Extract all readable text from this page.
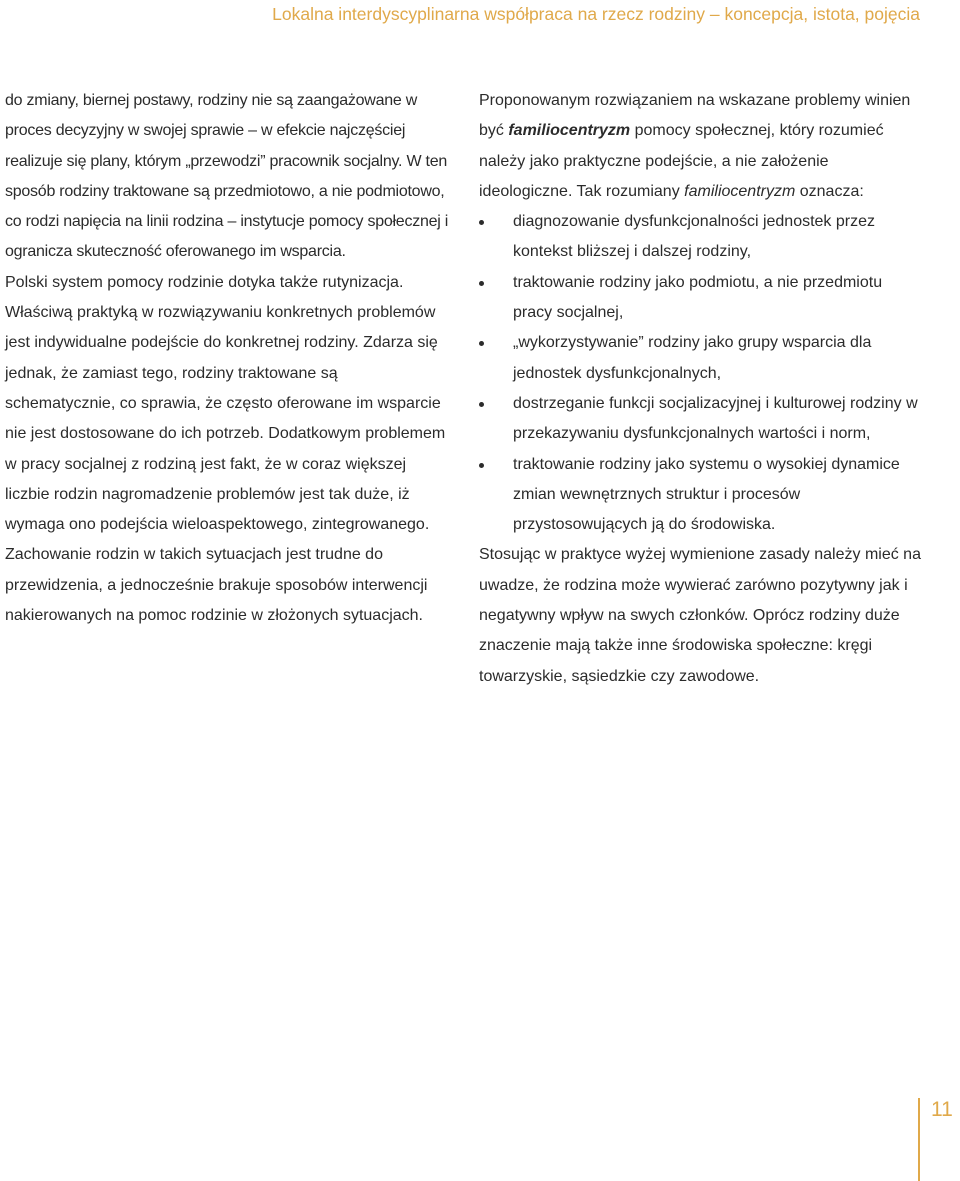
Lokalna interdyscyplinarna współpraca na rzecz rodziny – koncepcja, istota, pojęcia

do zmiany, biernej postawy, rodziny nie są zaangażowane w proces decyzyjny w swojej sprawie – w efekcie najczęściej realizuje się plany, którym „przewodzi” pracownik socjalny. W ten sposób rodziny traktowane są przedmiotowo, a nie podmiotowo, co rodzi napięcia na linii rodzina – instytucje pomocy społecznej i ogranicza skuteczność oferowanego im wsparcia.

Polski system pomocy rodzinie dotyka także rutynizacja. Właściwą praktyką w rozwiązywaniu konkretnych problemów jest indywidualne podejście do konkretnej rodziny. Zdarza się jednak, że zamiast tego, rodziny traktowane są schematycznie, co sprawia, że często oferowane im wsparcie nie jest dostosowane do ich potrzeb. Dodatkowym problemem w pracy socjalnej z rodziną jest fakt, że w coraz większej liczbie rodzin nagromadzenie problemów jest tak duże, iż wymaga ono podejścia wieloaspektowego, zintegrowanego. Zachowanie rodzin w takich sytuacjach jest trudne do przewidzenia, a jednocześnie brakuje sposobów interwencji nakierowanych na pomoc rodzinie w złożonych sytuacjach.

Proponowanym rozwiązaniem na wskazane problemy winien być familiocentryzm pomocy społecznej, który rozumieć należy jako praktyczne podejście, a nie założenie ideologiczne. Tak rozumiany familiocentryzm oznacza:

diagnozowanie dysfunkcjonalności jednostek przez kontekst bliższej i dalszej rodziny,
traktowanie rodziny jako podmiotu, a nie przedmiotu pracy socjalnej,
„wykorzystywanie” rodziny jako grupy wsparcia dla jednostek dysfunkcjonalnych,
dostrzeganie funkcji socjalizacyjnej i kulturowej rodziny w przekazywaniu dysfunkcjonalnych wartości i norm,
traktowanie rodziny jako systemu o wysokiej dynamice zmian wewnętrznych struktur i procesów przystosowujących ją do środowiska.

Stosując w praktyce wyżej wymienione zasady należy mieć na uwadze, że rodzina może wywierać zarówno pozytywny jak i negatywny wpływ na swych członków. Oprócz rodziny duże znaczenie mają także inne środowiska społeczne: kręgi towarzyskie, sąsiedzkie czy zawodowe.

11
